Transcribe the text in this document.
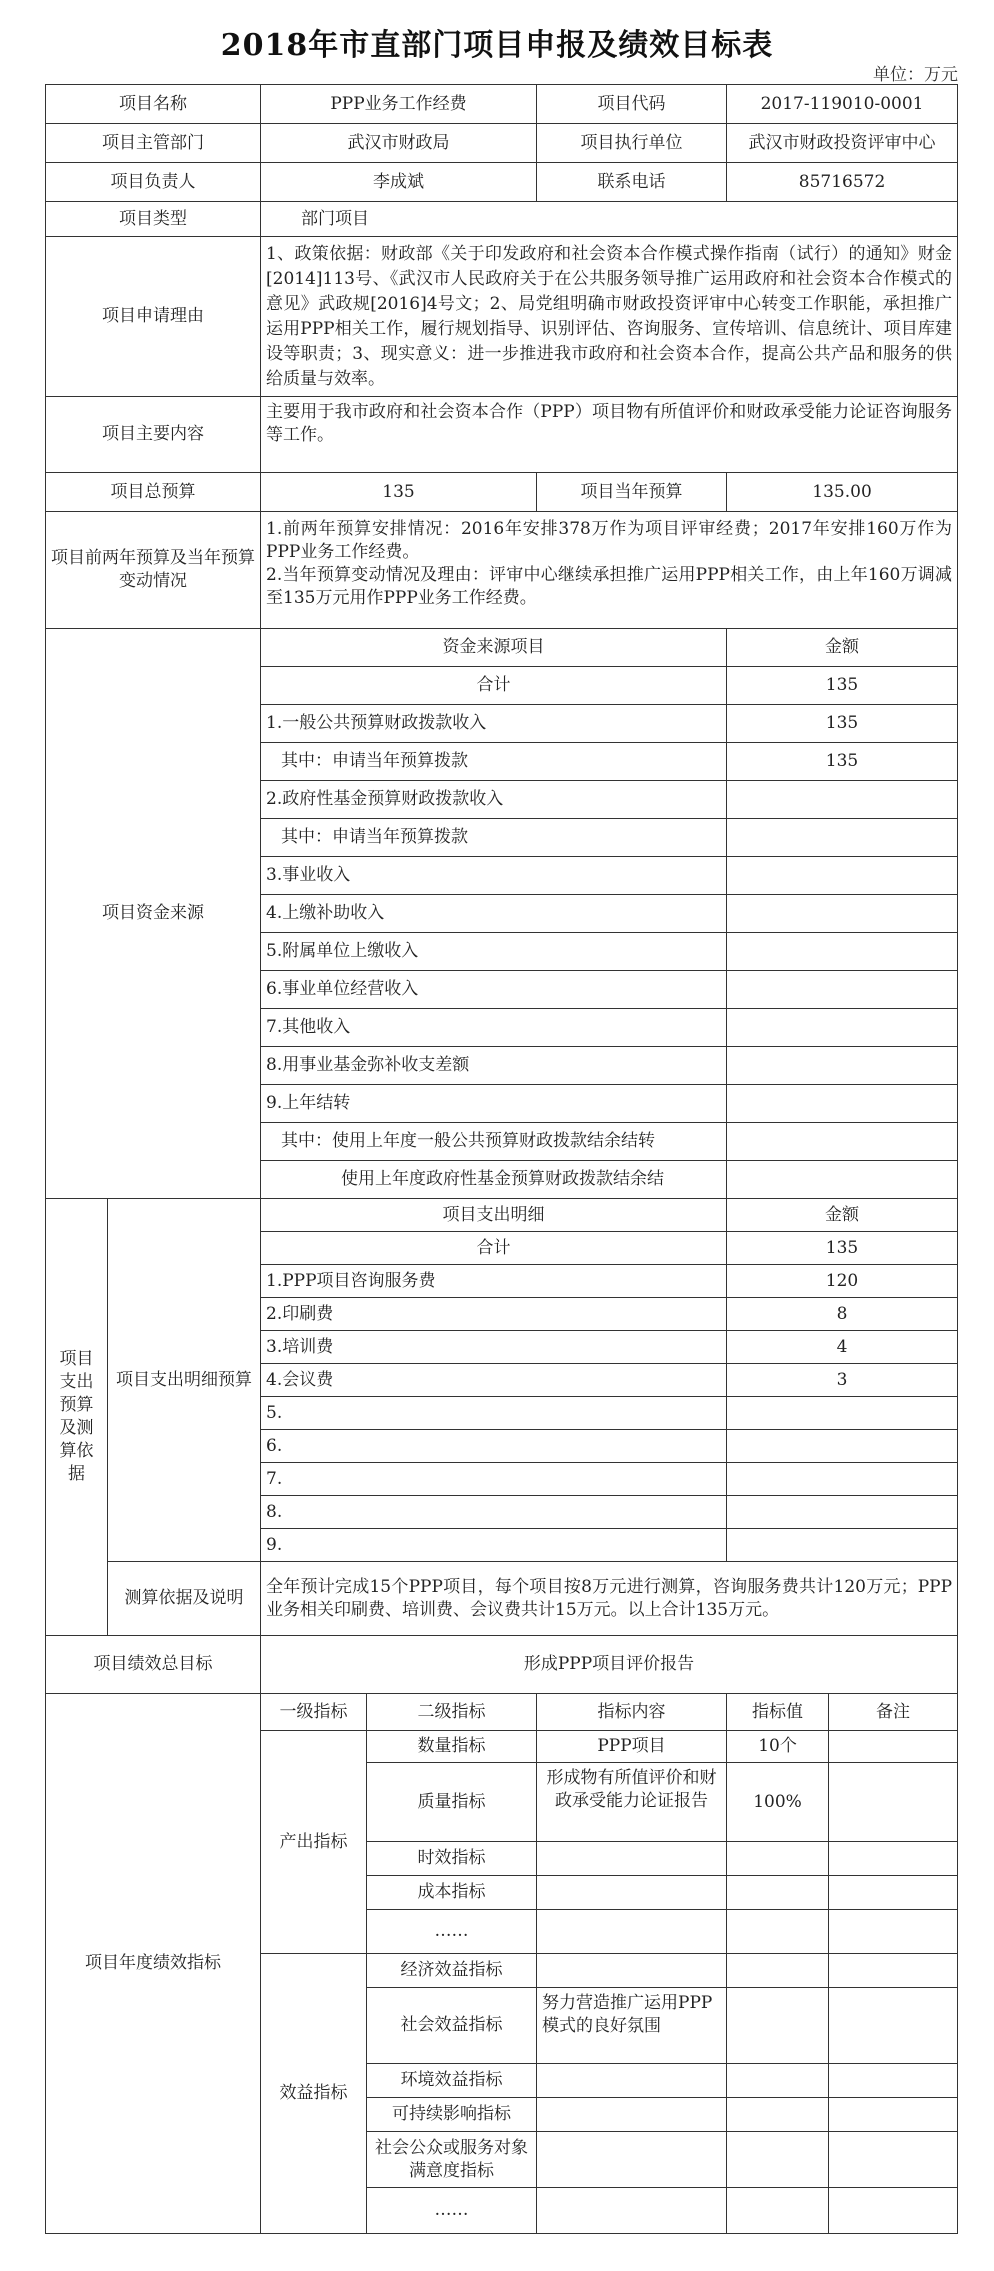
2018年市直部门项目申报及绩效目标表
单位：万元
项目名称		PPP业务工作经费		项目代码	2017-119010-0001	
项目主管部门		武汉市财政局		项目执行单位	武汉市财政投资评审中心	
项目负责人		李成斌		联系电话	85716572	
项目类型		部门项目				
项目申请理由		1、政策依据：财政部《关于印发政府和社会资本合作模式操作指南（试行）的通知》财金[2014]113号、《武汉市人民政府关于在公共服务领导推广运用政府和社会资本合作模式的意见》武政规[2016]4号文；2、局党组明确市财政投资评审中心转变工作职能，承担推广运用PPP相关工作，履行规划指导、识别评估、咨询服务、宣传培训、信息统计、项目库建设等职责；3、现实意义：进一步推进我市政府和社会资本合作，提高公共产品和服务的供给质量与效率。				
项目主要内容		主要用于我市政府和社会资本合作（PPP）项目物有所值评价和财政承受能力论证咨询服务等工作。				
项目总预算		135		项目当年预算	135.00	
项目前两年预算及当年预算变动情况		1.前两年预算安排情况：2016年安排378万作为项目评审经费；2017年安排160万作为PPP业务工作经费。
2.当年预算变动情况及理由：评审中心继续承担推广运用PPP相关工作，由上年160万调减至135万元用作PPP业务工作经费。				

项目资金来源		资金来源项目			金额	
		合计			135	
		1.一般公共预算财政拨款收入			135	
		其中：申请当年预算拨款			135	
		2.政府性基金预算财政拨款收入				
		其中：申请当年预算拨款				
		3.事业收入				
		4.上缴补助收入				
		5.附属单位上缴收入				
		6.事业单位经营收入				
		7.其他收入				
		8.用事业基金弥补收支差额				
		9.上年结转				
		其中：使用上年度一般公共预算财政拨款结余结转				
		使用上年度政府性基金预算财政拨款结余结				
项目支出预算及测算依据	项目支出明细预算	项目支出明细			金额	
		合计			135	
		1.PPP项目咨询服务费			120	
		2.印刷费			8	
		3.培训费			4	
		4.会议费			3	
		5.				
		6.				
		7.				
		8.				
		9.				
	测算依据及说明	全年预计完成15个PPP项目，每个项目按8万元进行测算，咨询服务费共计120万元；PPP业务相关印刷费、培训费、会议费共计15万元。以上合计135万元。				
项目绩效总目标		形成PPP项目评价报告				
项目年度绩效指标		一级指标	二级指标	指标内容	指标值	备注
		产出指标	数量指标	PPP项目	10个	
			质量指标	形成物有所值评价和财政承受能力论证报告	100%	
			时效指标			
			成本指标			
			……			
		效益指标	经济效益指标			
			社会效益指标	努力营造推广运用PPP模式的良好氛围		
			环境效益指标			
			可持续影响指标			
			社会公众或服务对象满意度指标			
			……			
